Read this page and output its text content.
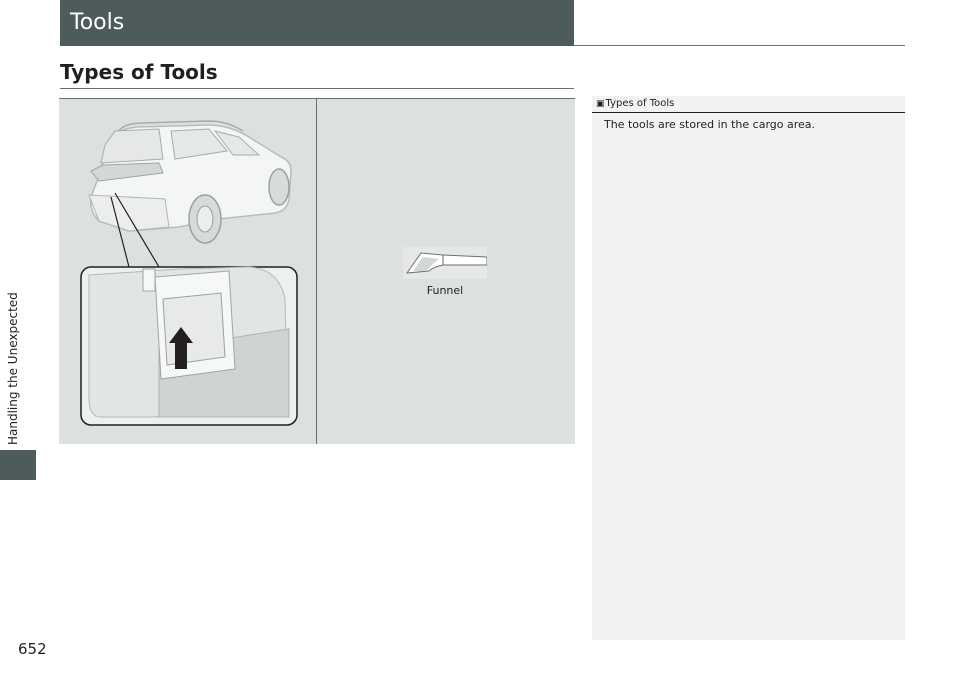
Handling the Unexpected
652
Tools
Types of Tools
Funnel
▣Types of Tools
The tools are stored in the cargo area.
